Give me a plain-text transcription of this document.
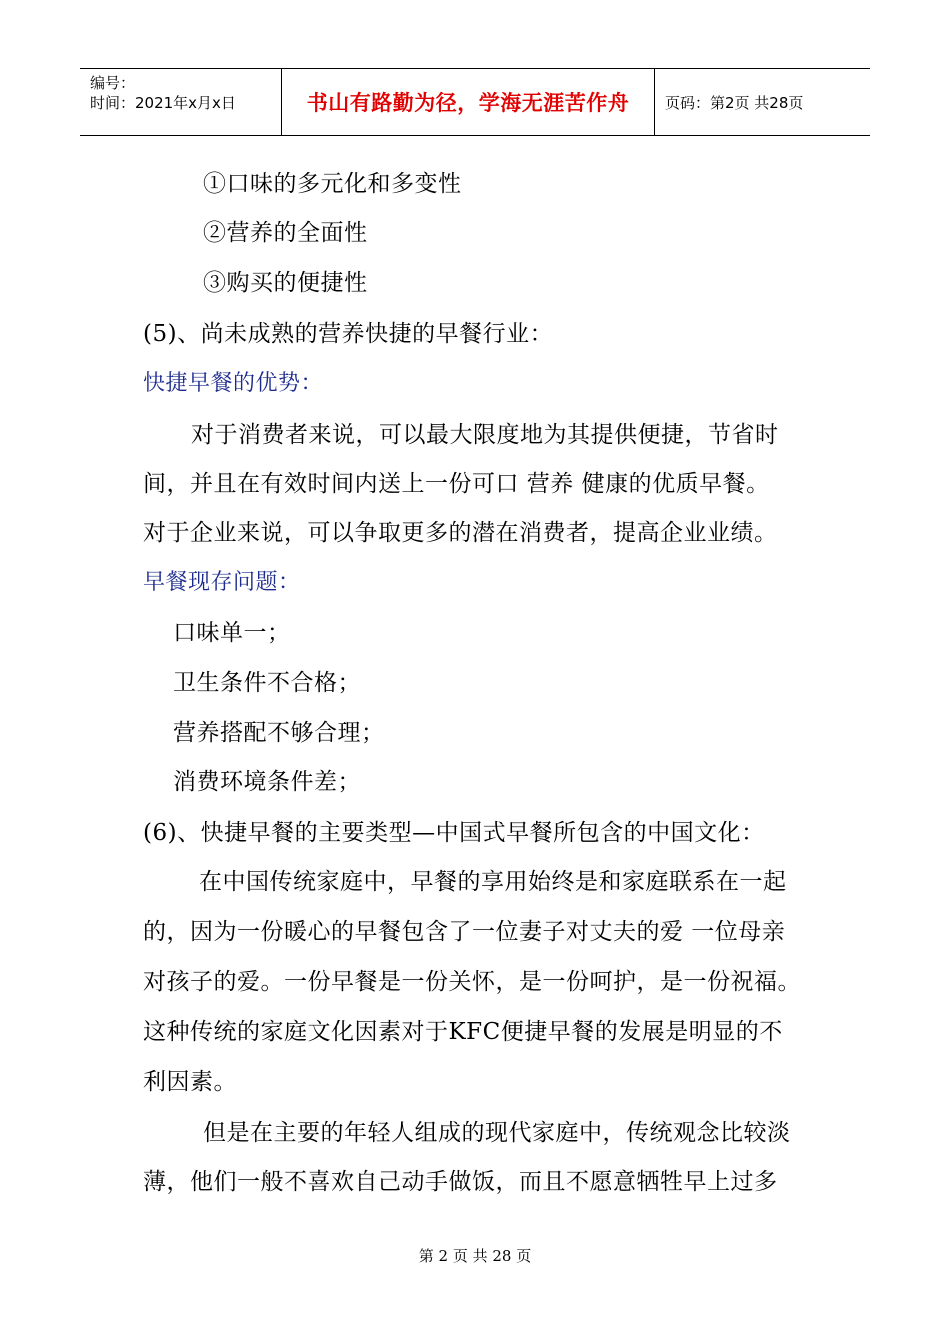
编号：
时间：2021年x月x日	书山有路勤为径，学海无涯苦作舟	页码：第2页 共28页
①口味的多元化和多变性
②营养的全面性
③购买的便捷性
(5)、尚未成熟的营养快捷的早餐行业：
快捷早餐的优势：
对于消费者来说，可以最大限度地为其提供便捷，节省时
间，并且在有效时间内送上一份可口 营养 健康的优质早餐。
对于企业来说，可以争取更多的潜在消费者，提高企业业绩。
早餐现存问题：
口味单一；
卫生条件不合格；
营养搭配不够合理；
消费环境条件差；
(6)、快捷早餐的主要类型—中国式早餐所包含的中国文化：
在中国传统家庭中，早餐的享用始终是和家庭联系在一起
的，因为一份暖心的早餐包含了一位妻子对丈夫的爱 一位母亲
对孩子的爱。一份早餐是一份关怀，是一份呵护，是一份祝福。
这种传统的家庭文化因素对于KFC便捷早餐的发展是明显的不
利因素。
但是在主要的年轻人组成的现代家庭中，传统观念比较淡
薄，他们一般不喜欢自己动手做饭，而且不愿意牺牲早上过多
第 2 页 共 28 页
